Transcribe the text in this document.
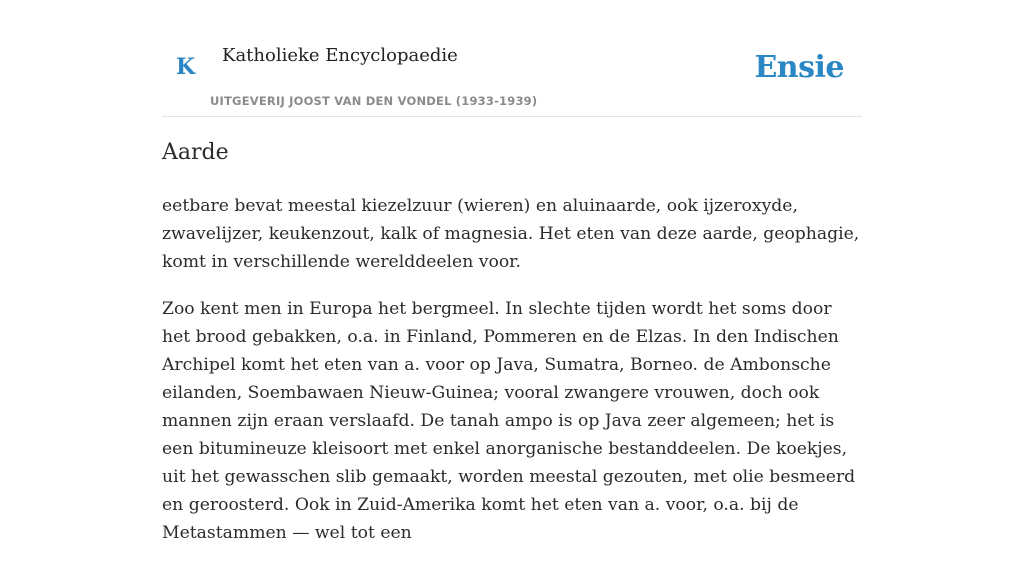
K Katholieke Encyclopaedie
UITGEVERIJ JOOST VAN DEN VONDEL (1933-1939)
Ensie
Aarde

eetbare bevat meestal kiezelzuur (wieren) en aluinaarde, ook ijzeroxyde, zwavelijzer, keukenzout, kalk of magnesia. Het eten van deze aarde, geophagie, komt in verschillende werelddeelen voor.

Zoo kent men in Europa het bergmeel. In slechte tijden wordt het soms door het brood gebakken, o.a. in Finland, Pommeren en de Elzas. In den Indischen Archipel komt het eten van a. voor op Java, Sumatra, Borneo. de Ambonsche eilanden, Soembawaen Nieuw-Guinea; vooral zwangere vrouwen, doch ook mannen zijn eraan verslaafd. De tanah ampo is op Java zeer algemeen; het is een bitumineuze kleisoort met enkel anorganische bestanddeelen. De koekjes, uit het gewasschen slib gemaakt, worden meestal gezouten, met olie besmeerd en geroosterd. Ook in Zuid-Amerika komt het eten van a. voor, o.a. bij de Metastammen — wel tot een
